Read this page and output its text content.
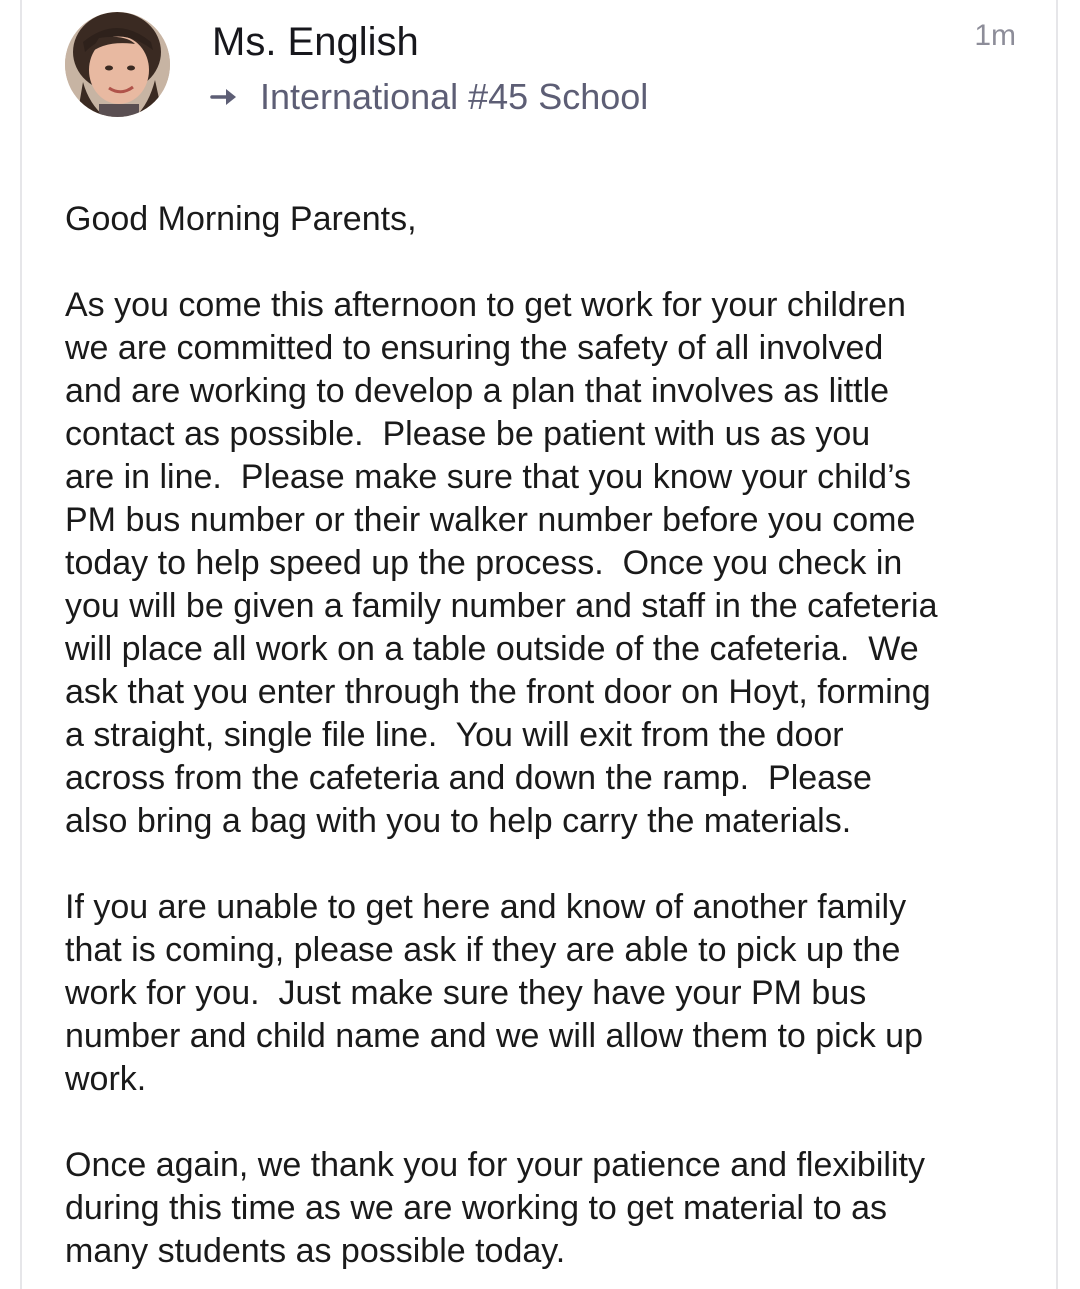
Ms. English
International #45 School
1m

Good Morning Parents,

As you come this afternoon to get work for your children
we are committed to ensuring the safety of all involved
and are working to develop a plan that involves as little
contact as possible.  Please be patient with us as you
are in line.  Please make sure that you know your child’s
PM bus number or their walker number before you come
today to help speed up the process.  Once you check in
you will be given a family number and staff in the cafeteria
will place all work on a table outside of the cafeteria.  We
ask that you enter through the front door on Hoyt, forming
a straight, single file line.  You will exit from the door
across from the cafeteria and down the ramp.  Please
also bring a bag with you to help carry the materials.

If you are unable to get here and know of another family
that is coming, please ask if they are able to pick up the
work for you.  Just make sure they have your PM bus
number and child name and we will allow them to pick up
work.

Once again, we thank you for your patience and flexibility
during this time as we are working to get material to as
many students as possible today.
